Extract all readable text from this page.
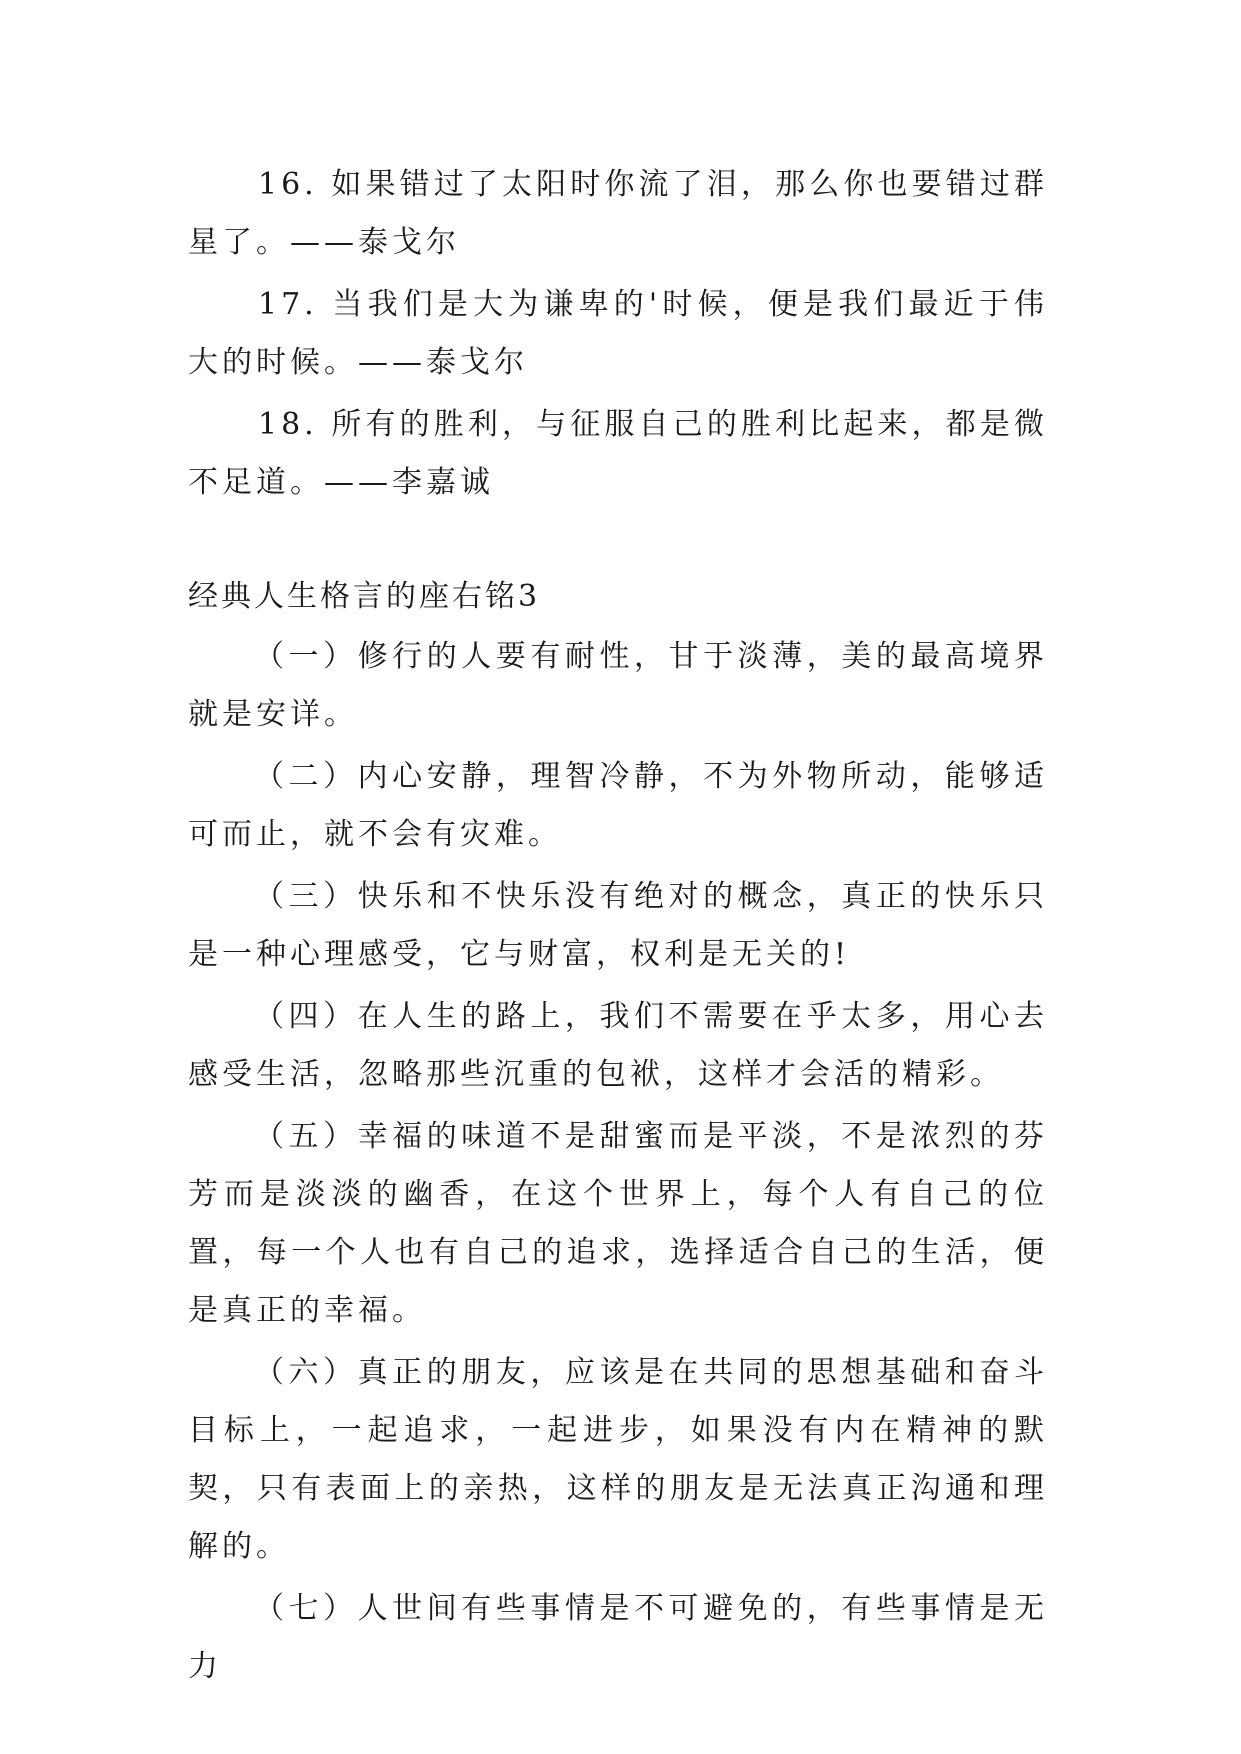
16. 如果错过了太阳时你流了泪，那么你也要错过群星了。——泰戈尔

17. 当我们是大为谦卑的'时候，便是我们最近于伟大的时候。——泰戈尔

18. 所有的胜利，与征服自己的胜利比起来，都是微不足道。——李嘉诚

经典人生格言的座右铭3

（一）修行的人要有耐性，甘于淡薄，美的最高境界就是安详。

（二）内心安静，理智冷静，不为外物所动，能够适可而止，就不会有灾难。

（三）快乐和不快乐没有绝对的概念，真正的快乐只是一种心理感受，它与财富，权利是无关的!

（四）在人生的路上，我们不需要在乎太多，用心去感受生活，忽略那些沉重的包袱，这样才会活的精彩。

（五）幸福的味道不是甜蜜而是平淡，不是浓烈的芬芳而是淡淡的幽香，在这个世界上，每个人有自己的位置，每一个人也有自己的追求，选择适合自己的生活，便是真正的幸福。

（六）真正的朋友，应该是在共同的思想基础和奋斗目标上，一起追求，一起进步，如果没有内在精神的默契，只有表面上的亲热，这样的朋友是无法真正沟通和理解的。

（七）人世间有些事情是不可避免的，有些事情是无力
